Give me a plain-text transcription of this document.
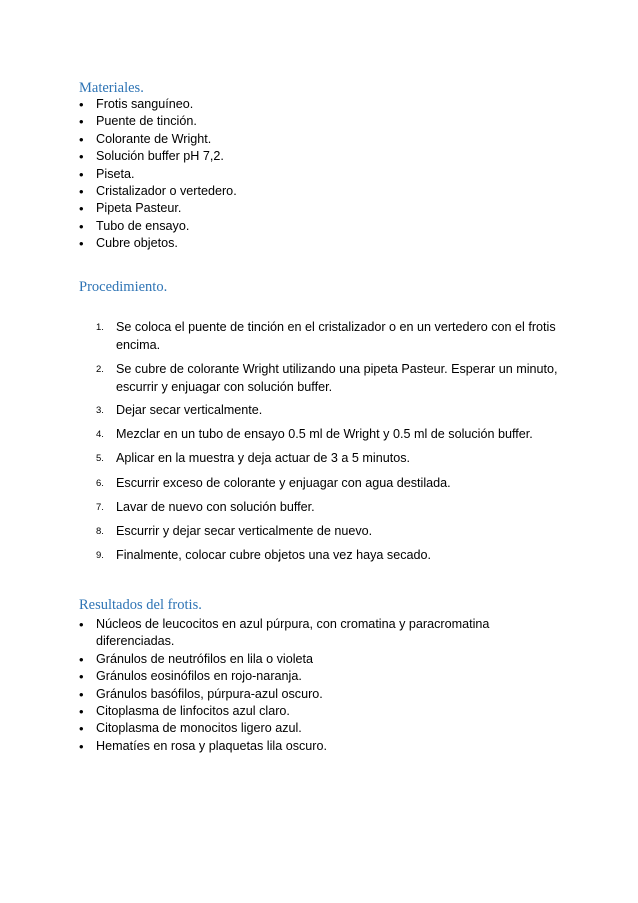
Materiales.
• Frotis sanguíneo.
• Puente de tinción.
• Colorante de Wright.
• Solución buffer pH 7,2.
• Piseta.
• Cristalizador o vertedero.
• Pipeta Pasteur.
• Tubo de ensayo.
• Cubre objetos.
Procedimiento.
1. Se coloca el puente de tinción en el cristalizador o en un vertedero con el frotis encima.
2. Se cubre de colorante Wright utilizando una pipeta Pasteur. Esperar un minuto, escurrir y enjuagar con solución buffer.
3. Dejar secar verticalmente.
4. Mezclar en un tubo de ensayo 0.5 ml de Wright y 0.5 ml de solución buffer.
5. Aplicar en la muestra y deja actuar de 3 a 5 minutos.
6. Escurrir exceso de colorante y enjuagar con agua destilada.
7. Lavar de nuevo con solución buffer.
8. Escurrir y dejar secar verticalmente de nuevo.
9. Finalmente, colocar cubre objetos una vez haya secado.
Resultados del frotis.
• Núcleos de leucocitos en azul púrpura, con cromatina y paracromatina diferenciadas.
• Gránulos de neutrófilos en lila o violeta
• Gránulos eosinófilos en rojo-naranja.
• Gránulos basófilos, púrpura-azul oscuro.
• Citoplasma de linfocitos azul claro.
• Citoplasma de monocitos ligero azul.
• Hematíes en rosa y plaquetas lila oscuro.
